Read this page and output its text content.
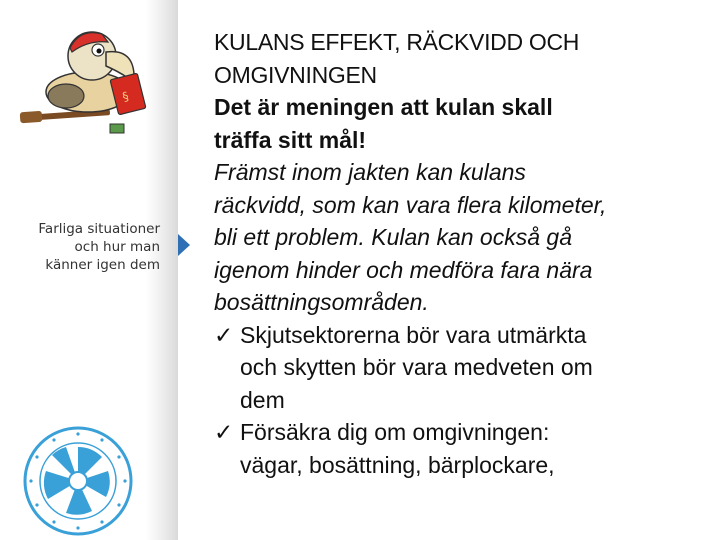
§
Farliga situationer
och hur man
känner igen dem
KULANS EFFEKT, RÄCKVIDD OCH
OMGIVNINGEN
Det är meningen att kulan skall
träffa sitt mål!
Främst inom jakten kan kulans
räckvidd, som kan vara flera kilometer,
bli ett problem. Kulan kan också gå
igenom hinder och medföra fara nära
bosättningsområden.
✓ Skjutsektorerna bör vara utmärkta
och skytten bör vara medveten om
dem
✓ Försäkra dig om omgivningen:
vägar, bosättning, bärplockare,
